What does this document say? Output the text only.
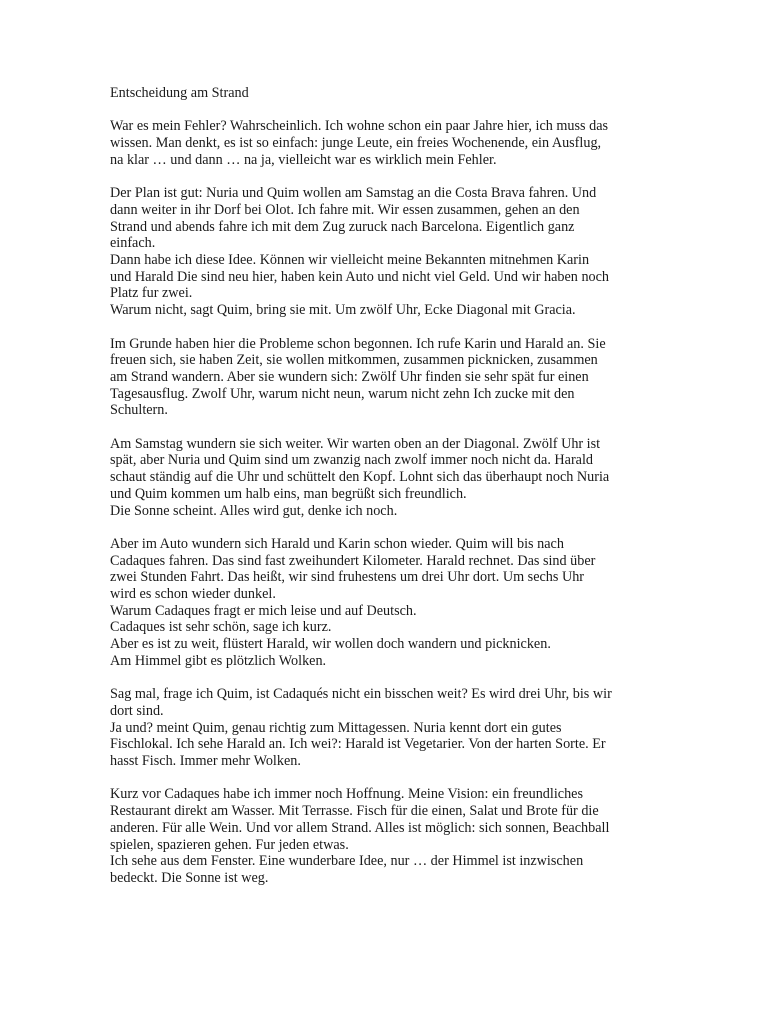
Entscheidung am Strand
War es mein Fehler? Wahrscheinlich. Ich wohne schon ein paar Jahre hier, ich muss das
wissen. Man denkt, es ist so einfach: junge Leute, ein freies Wochenende, ein Ausflug,
na klar … und dann … na ja, vielleicht war es wirklich mein Fehler.
Der Plan ist gut: Nuria und Quim wollen am Samstag an die Costa Brava fahren. Und
dann weiter in ihr Dorf bei Olot. Ich fahre mit. Wir essen zusammen, gehen an den
Strand und abends fahre ich mit dem Zug zuruck nach Barcelona. Eigentlich ganz
einfach.
Dann habe ich diese Idee. Können wir vielleicht meine Bekannten mitnehmen Karin
und Harald Die sind neu hier, haben kein Auto und nicht viel Geld. Und wir haben noch
Platz fur zwei.
Warum nicht, sagt Quim, bring sie mit. Um zwölf Uhr, Ecke Diagonal mit Gracia.
Im Grunde haben hier die Probleme schon begonnen. Ich rufe Karin und Harald an. Sie
freuen sich, sie haben Zeit, sie wollen mitkommen, zusammen picknicken, zusammen
am Strand wandern. Aber sie wundern sich: Zwölf Uhr finden sie sehr spät fur einen
Tagesausflug. Zwolf Uhr, warum nicht neun, warum nicht zehn Ich zucke mit den
Schultern.
Am Samstag wundern sie sich weiter. Wir warten oben an der Diagonal. Zwölf Uhr ist
spät, aber Nuria und Quim sind um zwanzig nach zwolf immer noch nicht da. Harald
schaut ständig auf die Uhr und schüttelt den Kopf. Lohnt sich das überhaupt noch Nuria
und Quim kommen um halb eins, man begrüßt sich freundlich.
Die Sonne scheint. Alles wird gut, denke ich noch.
Aber im Auto wundern sich Harald und Karin schon wieder. Quim will bis nach
Cadaques fahren. Das sind fast zweihundert Kilometer. Harald rechnet. Das sind über
zwei Stunden Fahrt. Das heißt, wir sind fruhestens um drei Uhr dort. Um sechs Uhr
wird es schon wieder dunkel.
Warum Cadaques fragt er mich leise und auf Deutsch.
Cadaques ist sehr schön, sage ich kurz.
Aber es ist zu weit, flüstert Harald, wir wollen doch wandern und picknicken.
Am Himmel gibt es plötzlich Wolken.
Sag mal, frage ich Quim, ist Cadaqués nicht ein bisschen weit? Es wird drei Uhr, bis wir
dort sind.
Ja und? meint Quim, genau richtig zum Mittagessen. Nuria kennt dort ein gutes
Fischlokal. Ich sehe Harald an. Ich wei?: Harald ist Vegetarier. Von der harten Sorte. Er
hasst Fisch. Immer mehr Wolken.
Kurz vor Cadaques habe ich immer noch Hoffnung. Meine Vision: ein freundliches
Restaurant direkt am Wasser. Mit Terrasse. Fisch für die einen, Salat und Brote für die
anderen. Für alle Wein. Und vor allem Strand. Alles ist möglich: sich sonnen, Beachball
spielen, spazieren gehen. Fur jeden etwas.
Ich sehe aus dem Fenster. Eine wunderbare Idee, nur … der Himmel ist inzwischen
bedeckt. Die Sonne ist weg.
